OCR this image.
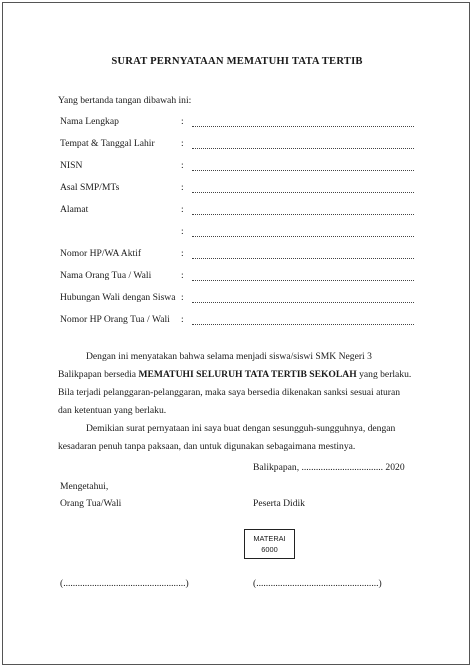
SURAT PERNYATAAN MEMATUHI TATA TERTIB
Yang bertanda tangan dibawah ini:
Nama Lengkap	:
Tempat & Tanggal Lahir	:
NISN	:
Asal SMP/MTs	:
Alamat	:
:
Nomor HP/WA Aktif	:
Nama Orang Tua / Wali	:
Hubungan Wali dengan Siswa :
Nomor HP Orang Tua / Wali :

Dengan ini menyatakan bahwa selama menjadi siswa/siswi SMK Negeri 3 Balikpapan bersedia MEMATUHI SELURUH TATA TERTIB SEKOLAH yang berlaku. Bila terjadi pelanggaran-pelanggaran, maka saya bersedia dikenakan sanksi sesuai aturan dan ketentuan yang berlaku.

Demikian surat pernyataan ini saya buat dengan sesungguh-sungguhnya, dengan kesadaran penuh tanpa paksaan, dan untuk digunakan sebagaimana mestinya.

Balikpapan, .................................. 2020
Mengetahui,
Orang Tua/Wali	Peserta Didik
MATERAI
6000
(...................................................)	(...................................................)
